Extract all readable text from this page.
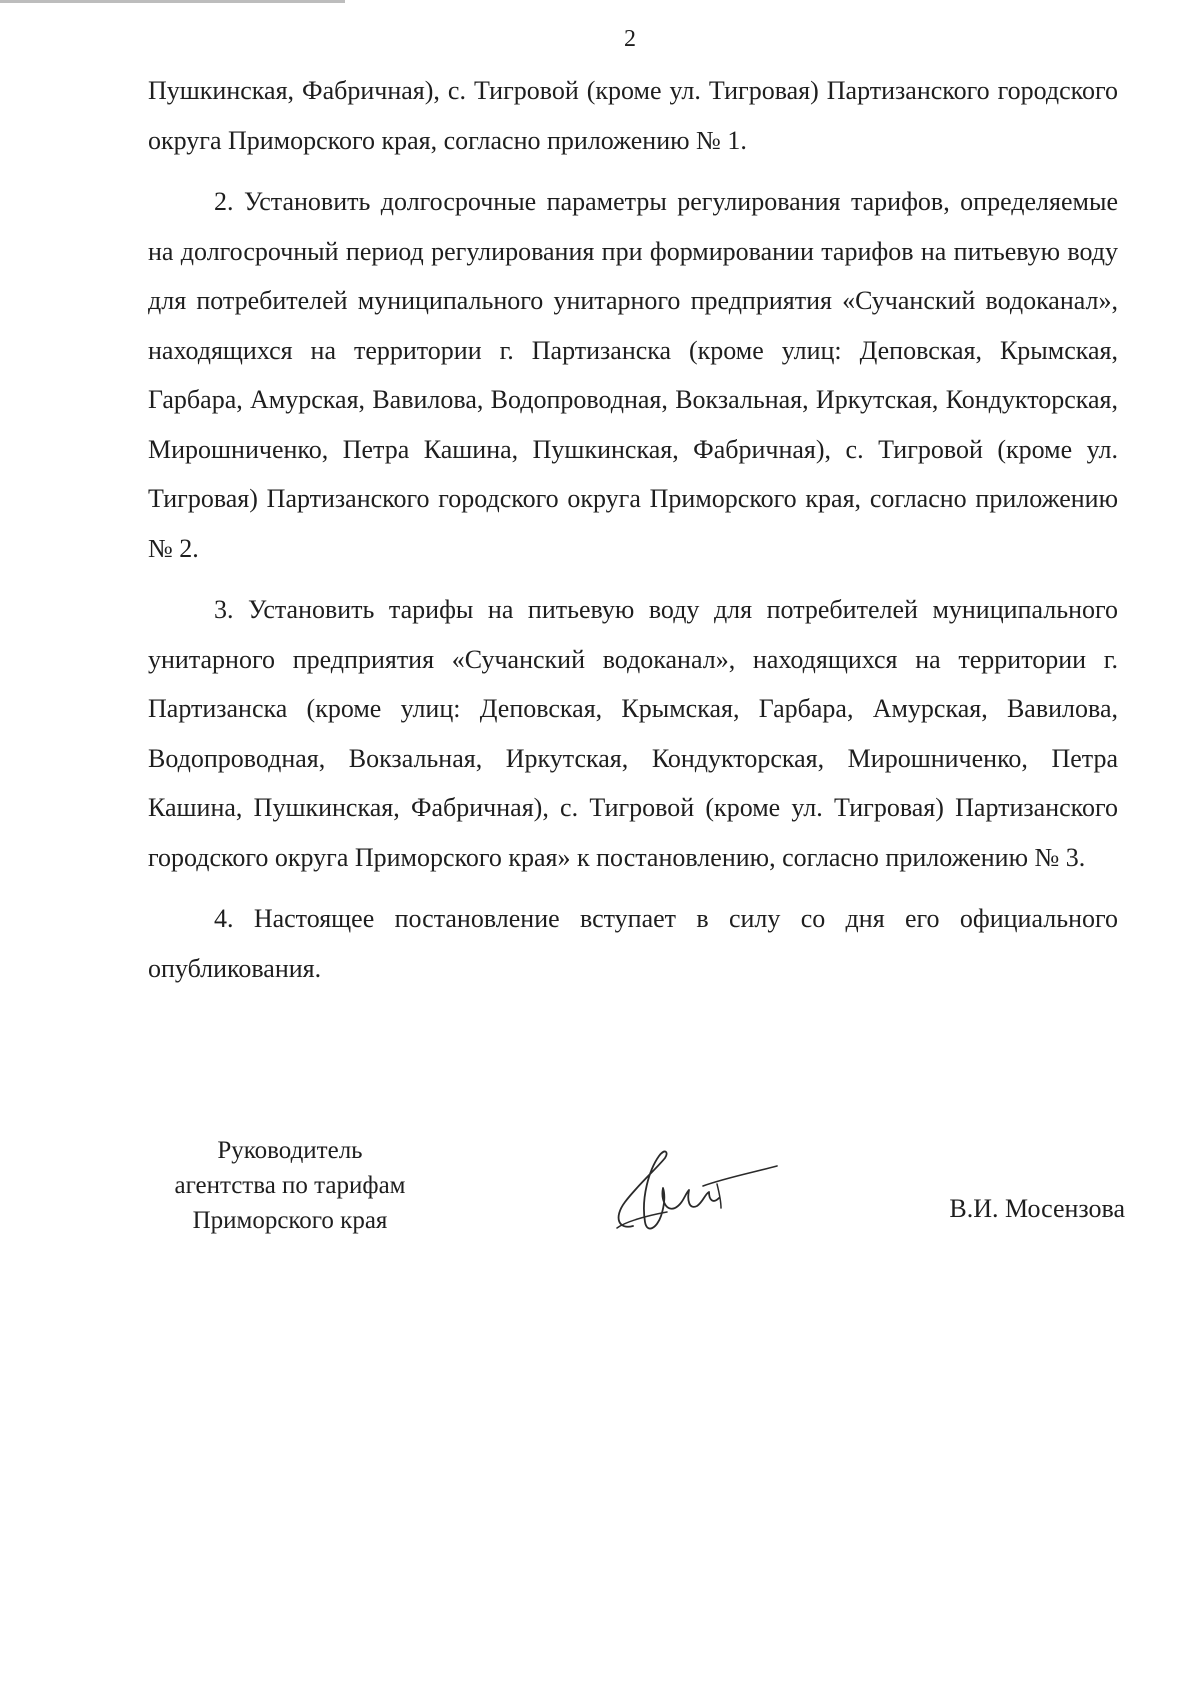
2

Пушкинская, Фабричная), с. Тигровой (кроме ул. Тигровая) Партизанского городского округа Приморского края, согласно приложению № 1.

2. Установить долгосрочные параметры регулирования тарифов, определяемые на долгосрочный период регулирования при формировании тарифов на питьевую воду для потребителей муниципального унитарного предприятия «Сучанский водоканал», находящихся на территории г. Партизанска (кроме улиц: Деповская, Крымская, Гарбара, Амурская, Вавилова, Водопроводная, Вокзальная, Иркутская, Кондукторская, Мирошниченко, Петра Кашина, Пушкинская, Фабричная), с. Тигровой (кроме ул. Тигровая) Партизанского городского округа Приморского края, согласно приложению № 2.

3. Установить тарифы на питьевую воду для потребителей муниципального унитарного предприятия «Сучанский водоканал», находящихся на территории г. Партизанска (кроме улиц: Деповская, Крымская, Гарбара, Амурская, Вавилова, Водопроводная, Вокзальная, Иркутская, Кондукторская, Мирошниченко, Петра Кашина, Пушкинская, Фабричная), с. Тигровой (кроме ул. Тигровая) Партизанского городского округа Приморского края» к постановлению, согласно приложению № 3.

4. Настоящее постановление вступает в силу со дня его официального опубликования.

Руководитель
агентства по тарифам
Приморского края	В.И. Мосензова
